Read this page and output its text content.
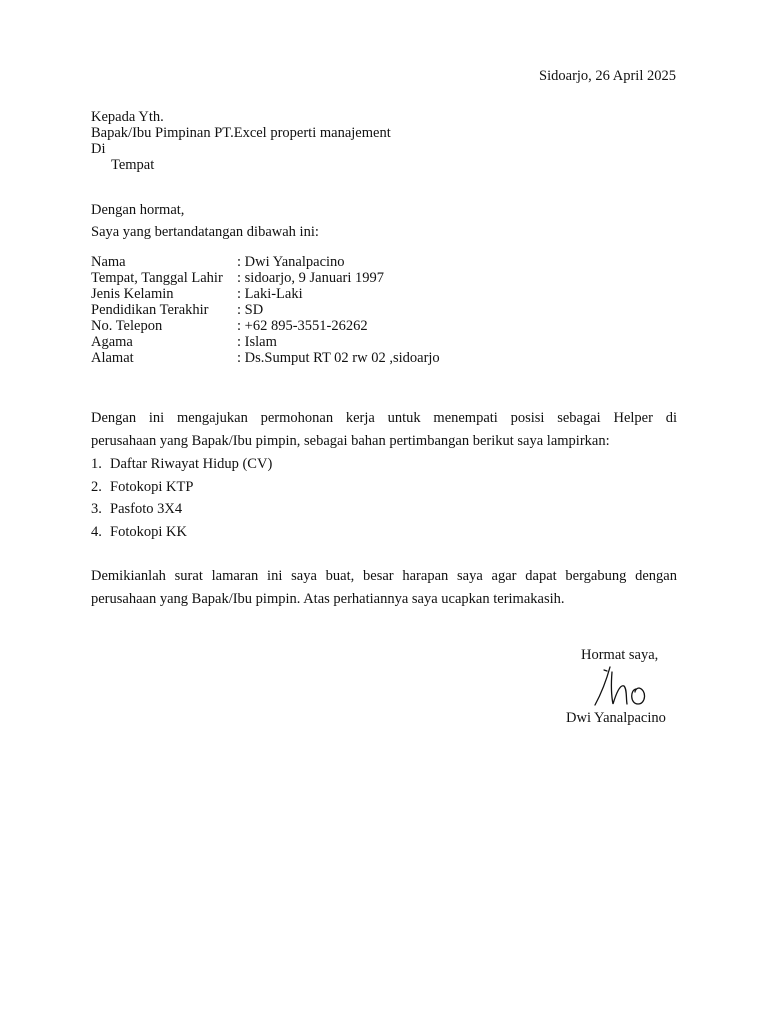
Sidoarjo, 26 April 2025
Kepada Yth.
Bapak/Ibu Pimpinan PT.Excel properti manajement
Di
Tempat
Dengan hormat,
Saya yang bertandatangan dibawah ini:
Nama	: Dwi Yanalpacino
Tempat, Tanggal Lahir : sidoarjo, 9 Januari 1997
Jenis Kelamin	: Laki-Laki
Pendidikan Terakhir	: SD
No. Telepon	: +62 895-3551-26262
Agama	: Islam
Alamat	: Ds.Sumput RT 02 rw 02 ,sidoarjo
Dengan ini mengajukan permohonan kerja untuk menempati posisi sebagai Helper di
perusahaan yang Bapak/Ibu pimpin, sebagai bahan pertimbangan berikut saya lampirkan:
1. Daftar Riwayat Hidup (CV)
2. Fotokopi KTP
3. Pasfoto 3X4
4. Fotokopi KK
Demikianlah surat lamaran ini saya buat, besar harapan saya agar dapat bergabung dengan
perusahaan yang Bapak/Ibu pimpin. Atas perhatiannya saya ucapkan terimakasih.
Hormat saya,
Dwi Yanalpacino
